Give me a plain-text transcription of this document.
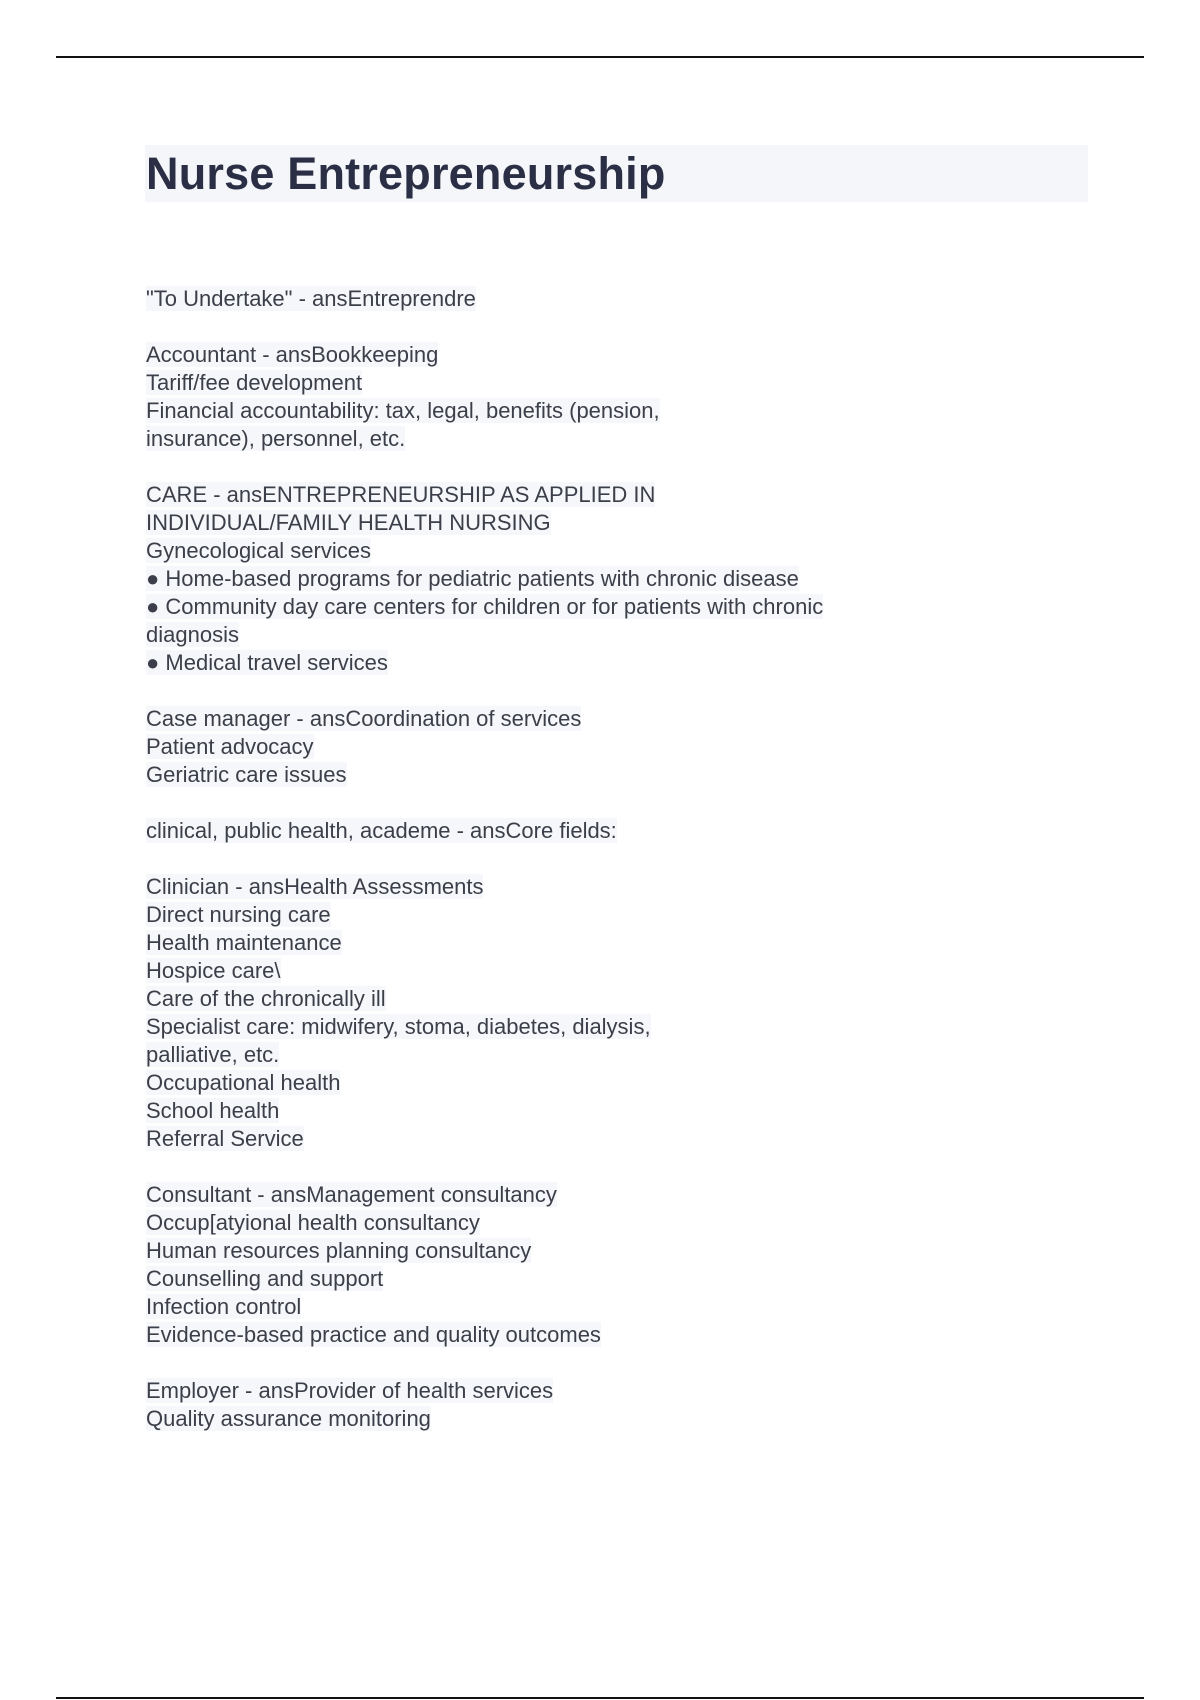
Nurse Entrepreneurship
"To Undertake" - ansEntreprendre
Accountant - ansBookkeeping
Tariff/fee development
Financial accountability: tax, legal, benefits (pension,
insurance), personnel, etc.
CARE - ansENTREPRENEURSHIP AS APPLIED IN
INDIVIDUAL/FAMILY HEALTH NURSING
Gynecological services
● Home-based programs for pediatric patients with chronic disease
● Community day care centers for children or for patients with chronic
diagnosis
● Medical travel services
Case manager - ansCoordination of services
Patient advocacy
Geriatric care issues
clinical, public health, academe - ansCore fields:
Clinician - ansHealth Assessments
Direct nursing care
Health maintenance
Hospice care\
Care of the chronically ill
Specialist care: midwifery, stoma, diabetes, dialysis,
palliative, etc.
Occupational health
School health
Referral Service
Consultant - ansManagement consultancy
Occup[atyional health consultancy
Human resources planning consultancy
Counselling and support
Infection control
Evidence-based practice and quality outcomes
Employer - ansProvider of health services
Quality assurance monitoring
